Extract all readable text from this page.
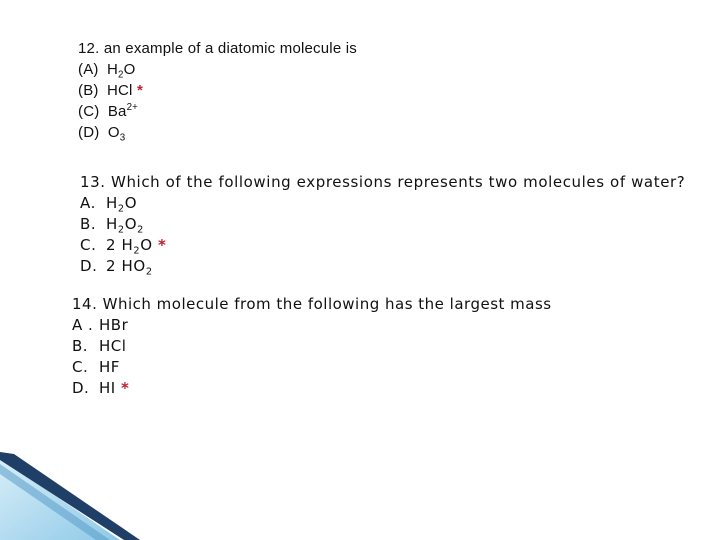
12. an example of a diatomic molecule is
(A) $H_2O$
(B) HCl *
(C) $Ba^{2+}$
(D) $O_3$
13. Which of the following expressions represents two molecules of water?
A. $H_2O$
B. $H_2O_2$
C. 2 $H_2O$ *
D. 2 $HO_2$
14. Which molecule from the following has the largest mass
A . HBr
B. HCl
C. HF
D. HI *
